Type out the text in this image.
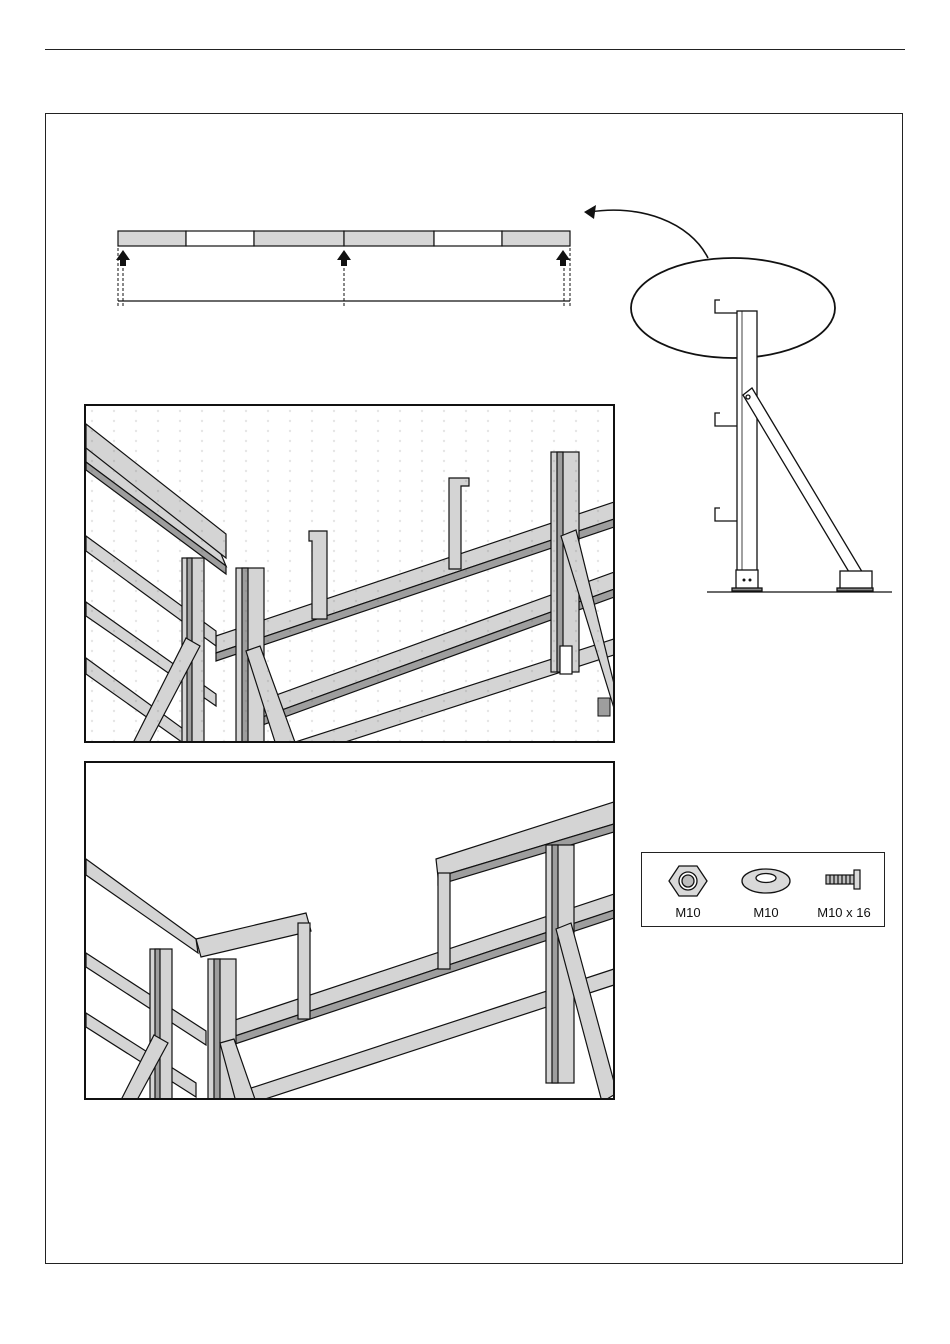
M10	M10	M10 x 16
